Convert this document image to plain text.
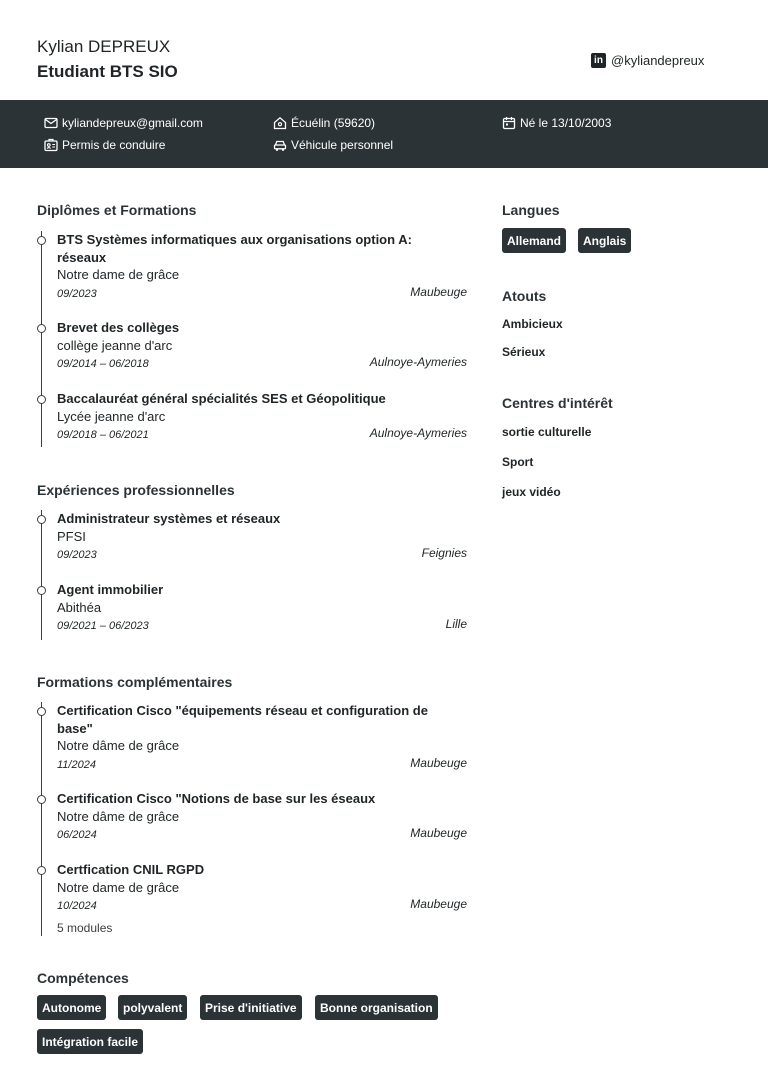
Kylian DEPREUX
Etudiant BTS SIO
in @kyliandepreux
kyliandepreux@gmail.com	Écuélin (59620)	Né le 13/10/2003
Permis de conduire	Véhicule personnel
Diplômes et Formations
BTS Systèmes informatiques aux organisations option A: réseaux
Notre dame de grâce
09/2023	Maubeuge
Brevet des collèges
collège jeanne d'arc
09/2014 – 06/2018	Aulnoye-Aymeries
Baccalauréat général spécialités SES et Géopolitique
Lycée jeanne d'arc
09/2018 – 06/2021	Aulnoye-Aymeries
Expériences professionnelles
Administrateur systèmes et réseaux
PFSI
09/2023	Feignies
Agent immobilier
Abithéa
09/2021 – 06/2023	Lille
Formations complémentaires
Certification Cisco "équipements réseau et configuration de base"
Notre dâme de grâce
11/2024	Maubeuge
Certification Cisco "Notions de base sur les éseaux
Notre dâme de grâce
06/2024	Maubeuge
Certfication CNIL RGPD
Notre dame de grâce
10/2024	Maubeuge
5 modules
Compétences
Autonome	polyvalent	Prise d'initiative	Bonne organisation
Intégration facile
Langues
Allemand	Anglais
Atouts
Ambicieux
Sérieux
Centres d'intérêt
sortie culturelle
Sport
jeux vidéo
